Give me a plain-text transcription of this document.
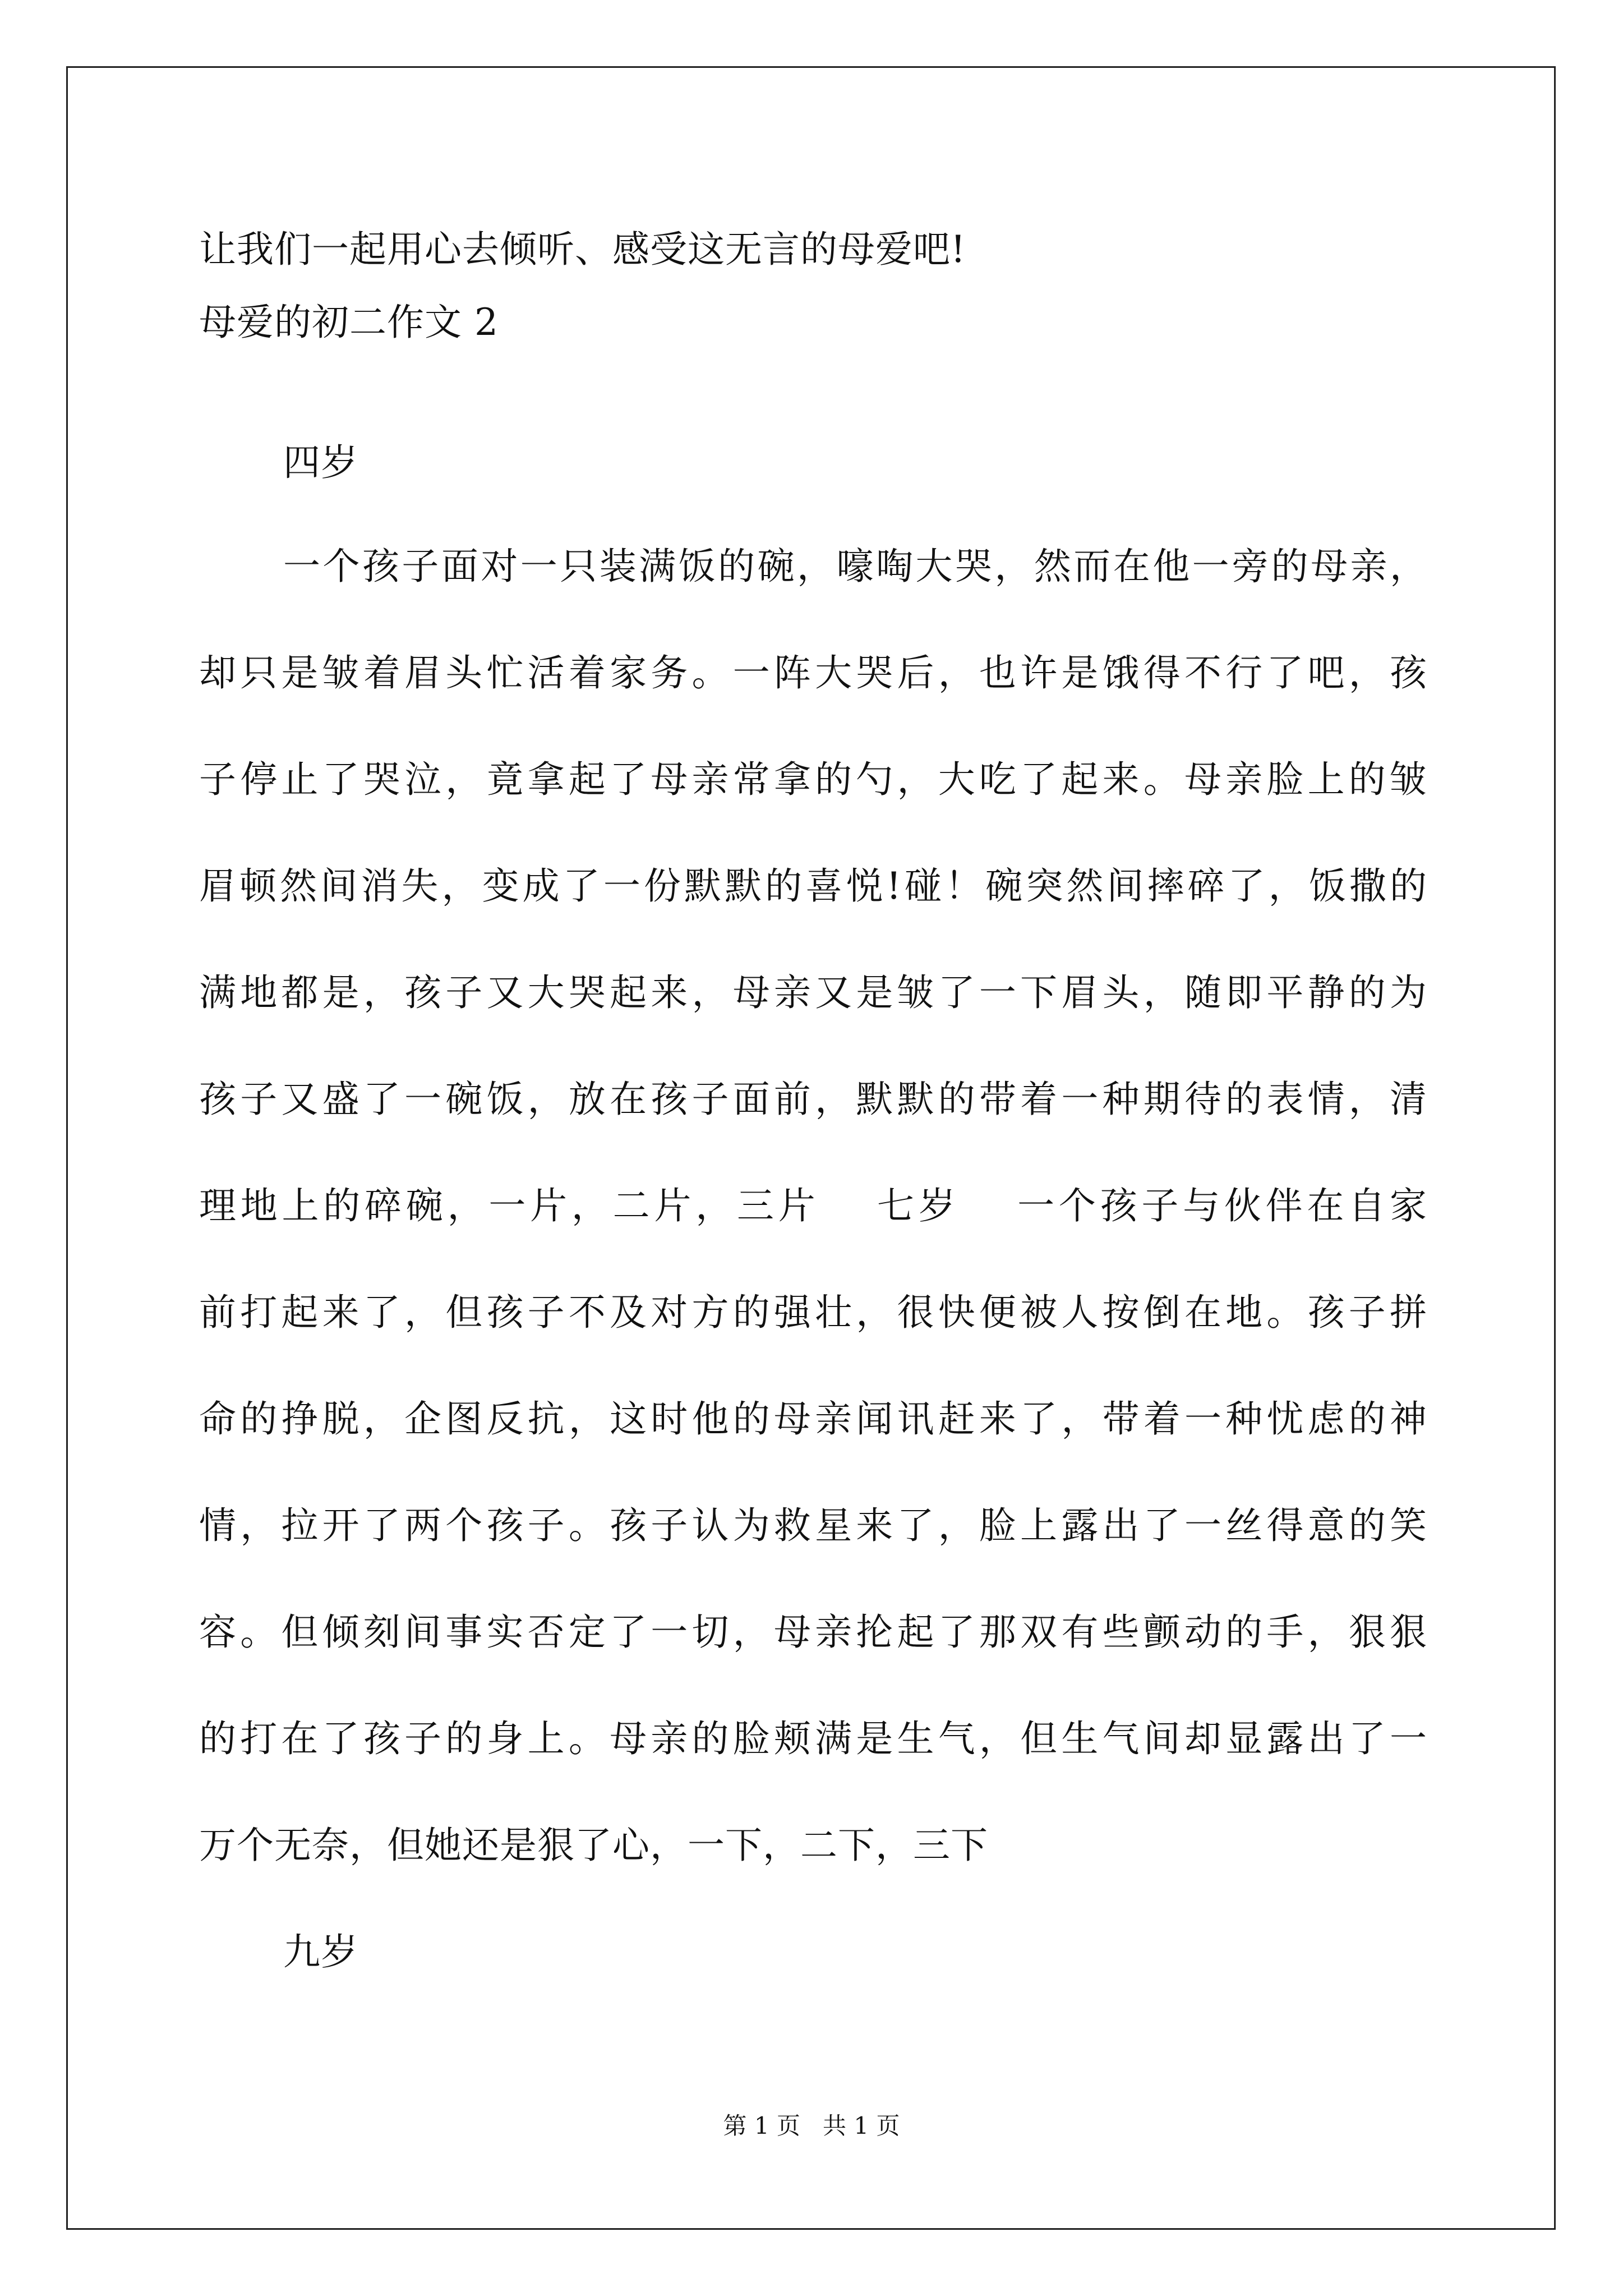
让我们一起用心去倾听、感受这无言的母爱吧!
母爱的初二作文 2
四岁
一个孩子面对一只装满饭的碗，嚎啕大哭，然而在他一旁的母亲，
却只是皱着眉头忙活着家务。一阵大哭后，也许是饿得不行了吧，孩
子停止了哭泣，竟拿起了母亲常拿的勺，大吃了起来。母亲脸上的皱
眉顿然间消失，变成了一份默默的喜悦!碰！碗突然间摔碎了，饭撒的
满地都是，孩子又大哭起来，母亲又是皱了一下眉头，随即平静的为
孩子又盛了一碗饭，放在孩子面前，默默的带着一种期待的表情，清
理地上的碎碗，一片，二片，三片　 七岁　 一个孩子与伙伴在自家
前打起来了，但孩子不及对方的强壮，很快便被人按倒在地。孩子拼
命的挣脱，企图反抗，这时他的母亲闻讯赶来了，带着一种忧虑的神
情，拉开了两个孩子。孩子认为救星来了，脸上露出了一丝得意的笑
容。但倾刻间事实否定了一切，母亲抡起了那双有些颤动的手，狠狠
的打在了孩子的身上。母亲的脸颊满是生气，但生气间却显露出了一
万个无奈，但她还是狠了心，一下，二下，三下
九岁
第 1 页   共 1 页
